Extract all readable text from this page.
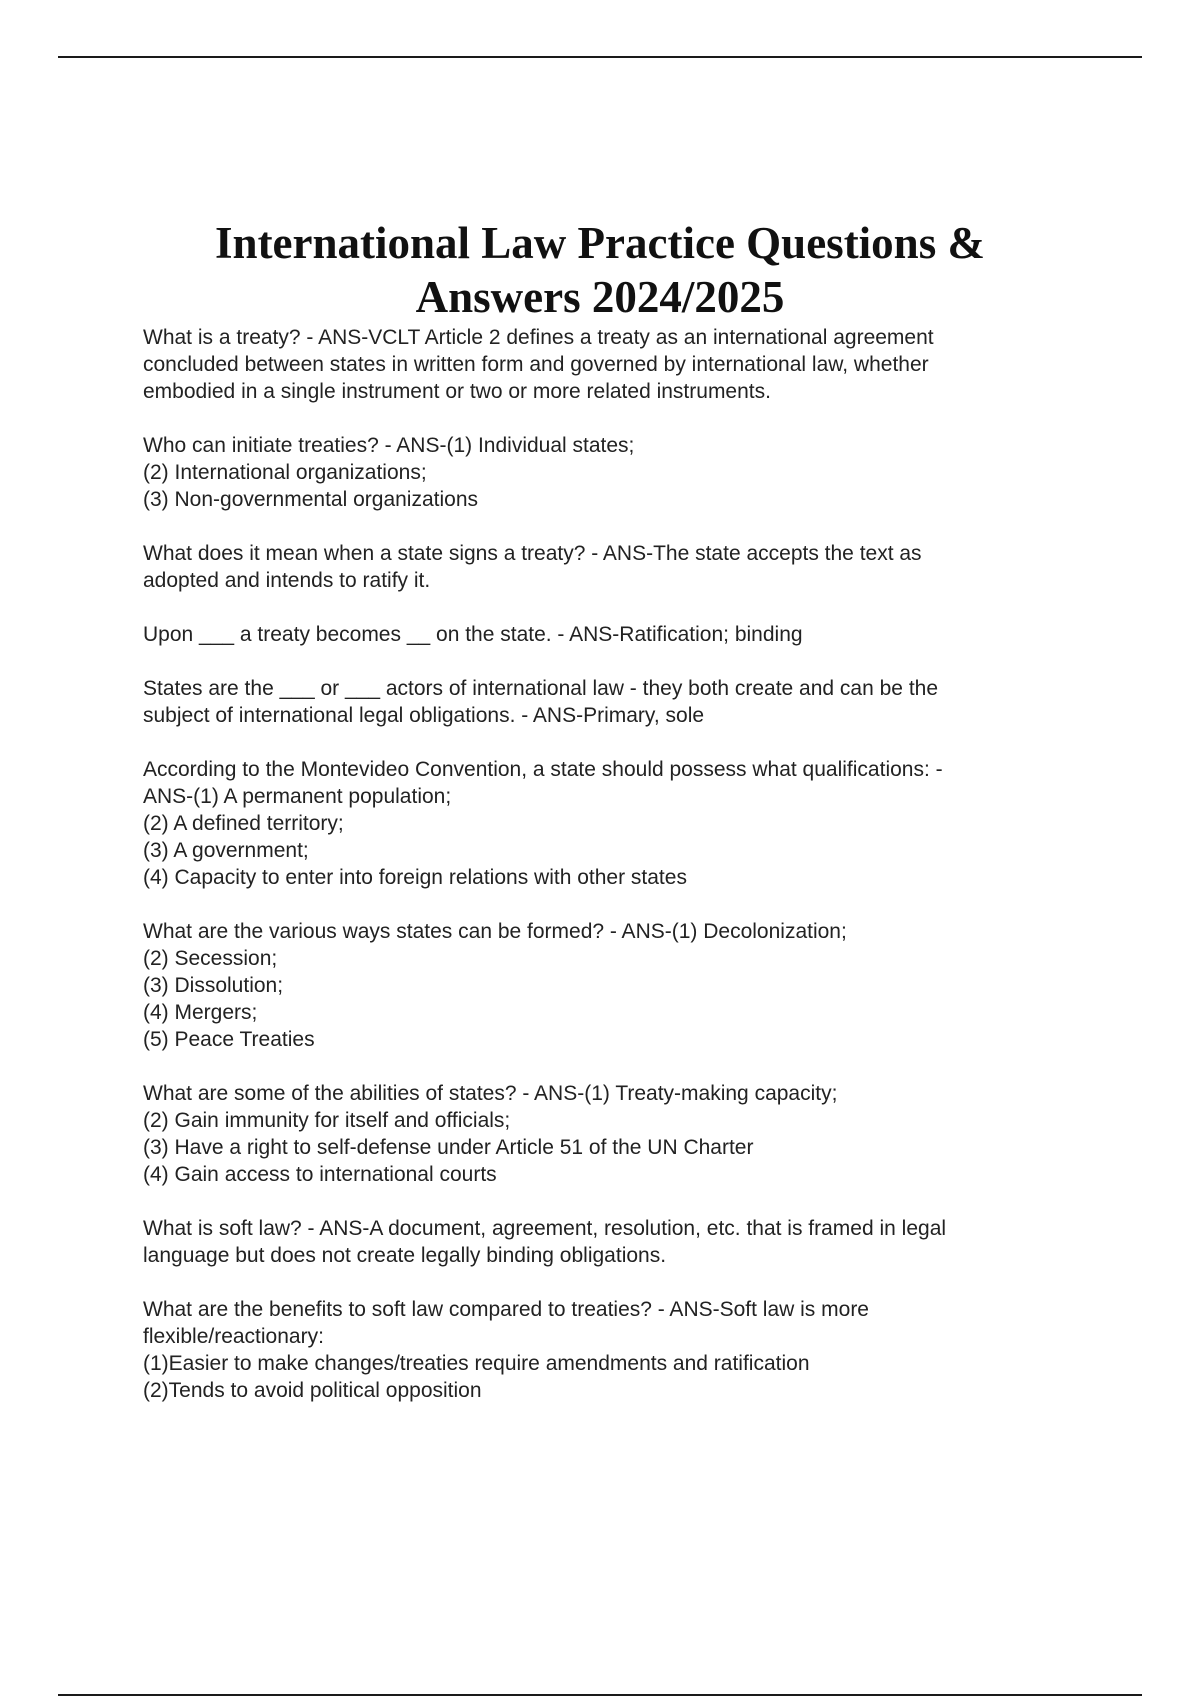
International Law Practice Questions &
Answers 2024/2025

What is a treaty? - ANS-VCLT Article 2 defines a treaty as an international agreement

concluded between states in written form and governed by international law, whether

embodied in a single instrument or two or more related instruments.

Who can initiate treaties? - ANS-(1) Individual states;

(2) International organizations;

(3) Non-governmental organizations

What does it mean when a state signs a treaty? - ANS-The state accepts the text as

adopted and intends to ratify it.

Upon ___ a treaty becomes __ on the state. - ANS-Ratification; binding

States are the ___ or ___ actors of international law - they both create and can be the

subject of international legal obligations. - ANS-Primary, sole

According to the Montevideo Convention, a state should possess what qualifications: -

ANS-(1) A permanent population;

(2) A defined territory;

(3) A government;

(4) Capacity to enter into foreign relations with other states

What are the various ways states can be formed? - ANS-(1) Decolonization;

(2) Secession;

(3) Dissolution;

(4) Mergers;

(5) Peace Treaties

What are some of the abilities of states? - ANS-(1) Treaty-making capacity;

(2) Gain immunity for itself and officials;

(3) Have a right to self-defense under Article 51 of the UN Charter

(4) Gain access to international courts

What is soft law? - ANS-A document, agreement, resolution, etc. that is framed in legal

language but does not create legally binding obligations.

What are the benefits to soft law compared to treaties? - ANS-Soft law is more

flexible/reactionary:

(1)Easier to make changes/treaties require amendments and ratification

(2)Tends to avoid political opposition
